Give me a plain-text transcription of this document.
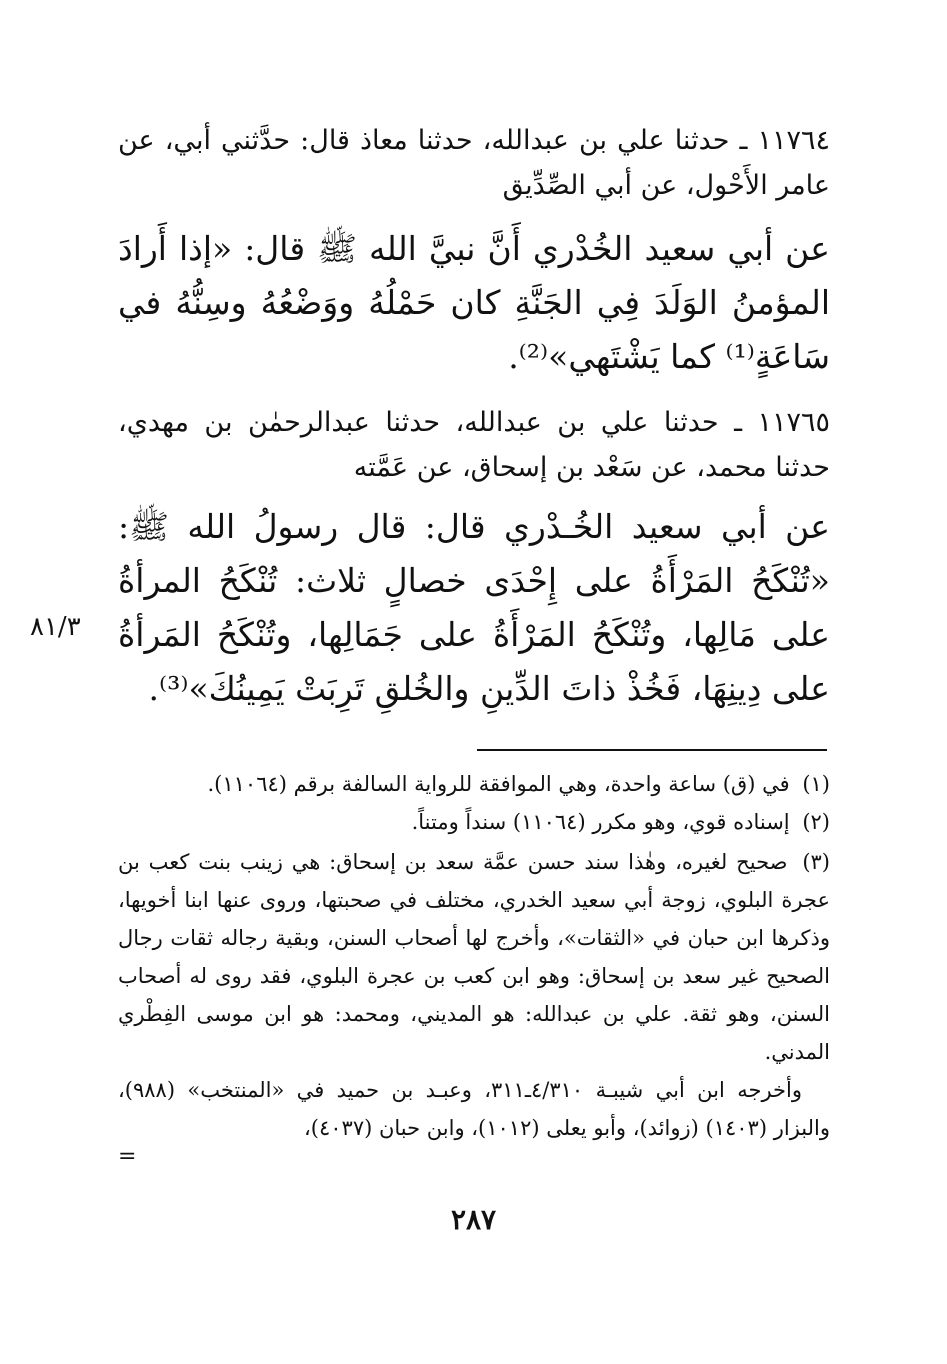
١١٧٦٤ ـ حدثنا علي بن عبدالله، حدثنا معاذ قال: حدَّثني أبي، عن عامر الأَحْول، عن أبي الصِّدِّيق
عن أبي سعيد الخُدْري أَنَّ نبيَّ الله ﷺ قال: «إذا أَرادَ المؤمنُ الوَلَدَ فِي الجَنَّةِ كان حَمْلُهُ ووَضْعُهُ وسِنُّهُ في سَاعَةٍ⁽¹⁾ كما يَشْتَهي»⁽²⁾.
١١٧٦٥ ـ حدثنا علي بن عبدالله، حدثنا عبدالرحمٰن بن مهدي، حدثنا محمد، عن سَعْد بن إسحاق، عن عَمَّته
عن أبي سعيد الخُـدْري قال: قال رسولُ الله ﷺ: «تُنْكَحُ المَرْأَةُ على إِحْدَى خصالٍ ثلاث: تُنْكَحُ المرأةُ على مَالِها، وتُنْكَحُ المَرْأَةُ على جَمَالِها، وتُنْكَحُ المَرأةُ على دِينِهَا، فَخُذْ ذاتَ الدِّينِ والخُلقِ تَرِبَتْ يَمِينُكَ»⁽³⁾.
٨١/٣

(١) في (ق) ساعة واحدة، وهي الموافقة للرواية السالفة برقم (١١٠٦٤).

(٢) إسناده قوي، وهو مكرر (١١٠٦٤) سنداً ومتناً.

(٣) صحيح لغيره، وهٰذا سند حسن عمَّة سعد بن إسحاق: هي زينب بنت كعب بن عجرة البلوي، زوجة أبي سعيد الخدري، مختلف في صحبتها، وروى عنها ابنا أخويها، وذكرها ابن حبان في «الثقات»، وأخرج لها أصحاب السنن، وبقية رجاله ثقات رجال الصحيح غير سعد بن إسحاق: وهو ابن كعب بن عجرة البلوي، فقد روى له أصحاب السنن، وهو ثقة. علي بن عبدالله: هو المديني، ومحمد: هو ابن موسى الفِطْري المدني.

وأخرجه ابن أبي شيبـة ٤/٣١٠ـ٣١١، وعبـد بن حميد في «المنتخب» (٩٨٨)، والبزار (١٤٠٣) (زوائد)، وأبو يعلى (١٠١٢)، وابن حبان (٤٠٣٧)،

=
٢٨٧
